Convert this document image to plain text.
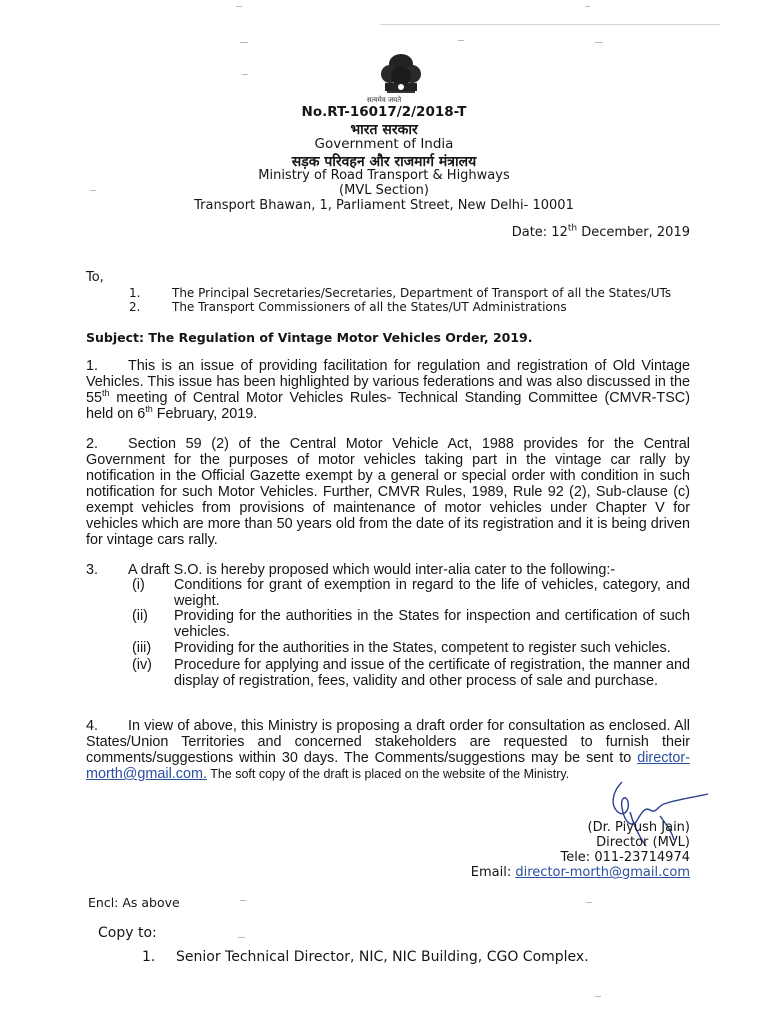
सत्यमेव जयते
No.RT-16017/2/2018-T
भारत सरकार
Government of India
सड़क परिवहन और राजमार्ग मंत्रालय
Ministry of Road Transport & Highways
(MVL Section)
Transport Bhawan, 1, Parliament Street, New Delhi- 10001
Date: 12th December, 2019
To,
1.	The Principal Secretaries/Secretaries, Department of Transport of all the States/UTs
2.	The Transport Commissioners of all the States/UT Administrations
Subject: The Regulation of Vintage Motor Vehicles Order, 2019.
1. This is an issue of providing facilitation for regulation and registration of Old Vintage Vehicles. This issue has been highlighted by various federations and was also discussed in the 55th meeting of Central Motor Vehicles Rules- Technical Standing Committee (CMVR-TSC) held on 6th February, 2019.
2. Section 59 (2) of the Central Motor Vehicle Act, 1988 provides for the Central Government for the purposes of motor vehicles taking part in the vintage car rally by notification in the Official Gazette exempt by a general or special order with condition in such notification for such Motor Vehicles. Further, CMVR Rules, 1989, Rule 92 (2), Sub-clause (c) exempt vehicles from provisions of maintenance of motor vehicles under Chapter V for vehicles which are more than 50 years old from the date of its registration and it is being driven for vintage cars rally.
3. A draft S.O. is hereby proposed which would inter-alia cater to the following:-
(i) Conditions for grant of exemption in regard to the life of vehicles, category, and weight.
(ii) Providing for the authorities in the States for inspection and certification of such vehicles.
(iii) Providing for the authorities in the States, competent to register such vehicles.
(iv) Procedure for applying and issue of the certificate of registration, the manner and display of registration, fees, validity and other process of sale and purchase.
4. In view of above, this Ministry is proposing a draft order for consultation as enclosed. All States/Union Territories and concerned stakeholders are requested to furnish their comments/suggestions within 30 days. The Comments/suggestions may be sent to director- morth@gmail.com. The soft copy of the draft is placed on the website of the Ministry.
(Dr. Piyush Jain)
Director (MVL)
Tele: 011-23714974
Email: director-morth@gmail.com
Encl: As above
Copy to:
1. Senior Technical Director, NIC, NIC Building, CGO Complex.
